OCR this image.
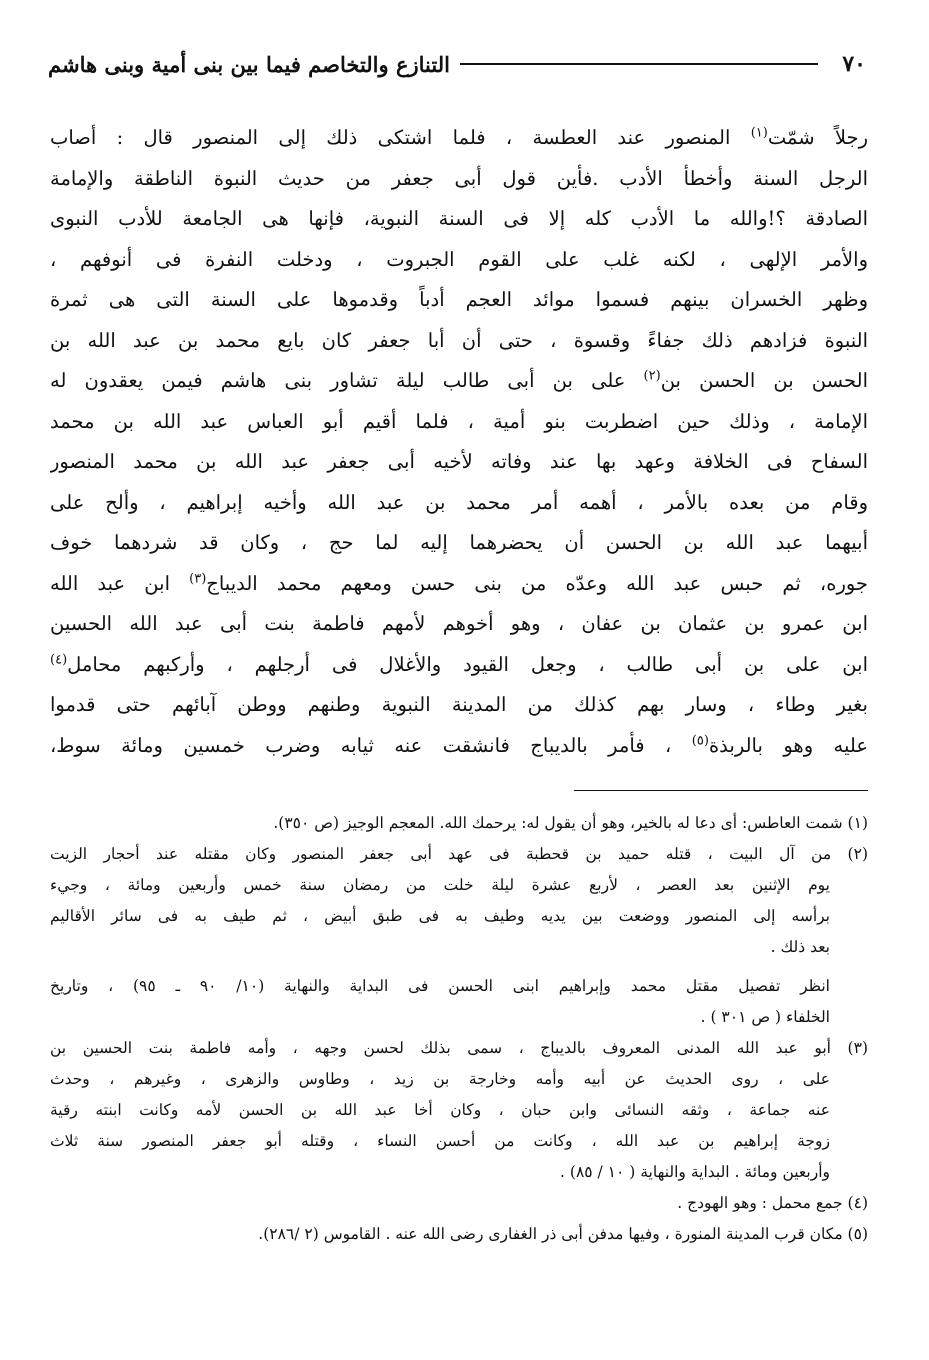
٧٠
التنازع والتخاصم فيما بين بنى أمية وبنى هاشم
رجلاً شمّت$^{(١)}$ المنصور عند العطسة ، فلما اشتكى ذلك إلى المنصور قال : أصاب
الرجل السنة وأخطأ الأدب .فأين قول أبى جعفر من حديث النبوة الناطقة والإمامة
الصادقة ؟!والله ما الأدب كله إلا فى السنة النبوية، فإنها هى الجامعة للأدب النبوى
والأمر الإلهى ، لكنه غلب على القوم الجبروت ، ودخلت النفرة فى أنوفهم ،
وظهر الخسران بينهم فسموا موائد العجم أدباً وقدموها على السنة التى هى ثمرة
النبوة فزادهم ذلك جفاءً وقسوة ، حتى أن أبا جعفر كان بايع محمد بن عبد الله بن
الحسن بن الحسن بن$^{(٢)}$ على بن أبى طالب ليلة تشاور بنى هاشم فيمن يعقدون له
الإمامة ، وذلك حين اضطربت بنو أمية ، فلما أقيم أبو العباس عبد الله بن محمد
السفاح فى الخلافة وعهد بها عند وفاته لأخيه أبى جعفر عبد الله بن محمد المنصور
وقام من بعده بالأمر ، أهمه أمر محمد بن عبد الله وأخيه إبراهيم ، وألح على
أبيهما عبد الله بن الحسن أن يحضرهما إليه لما حج ، وكان قد شردهما خوف
جوره، ثم حبس عبد الله وعدّه من بنى حسن ومعهم محمد الديباج$^{(٣)}$ ابن عبد الله
ابن عمرو بن عثمان بن عفان ، وهو أخوهم لأمهم فاطمة بنت أبى عبد الله الحسين
ابن على بن أبى طالب ، وجعل القيود والأغلال فى أرجلهم ، وأركبهم محامل$^{(٤)}$
بغير وطاء ، وسار بهم كذلك من المدينة النبوية وطنهم ووطن آبائهم حتى قدموا
عليه وهو بالربذة$^{(٥)}$ ، فأمر بالديباج فانشقت عنه ثيابه وضرب خمسين ومائة سوط،
(١) شمت العاطس: أى دعا له بالخير، وهو أن يقول له: يرحمك الله. المعجم الوجيز (ص ٣٥٠).
(٢) من آل البيت ، قتله حميد بن قحطبة فى عهد أبى جعفر المنصور وكان مقتله عند أحجار الزيت
يوم الإثنين بعد العصر ، لأربع عشرة ليلة خلت من رمضان سنة خمس وأربعين ومائة ، وجيء
برأسه إلى المنصور ووضعت بين يديه وطيف به فى طبق أبيض ، ثم طيف به فى سائر الأقاليم
بعد ذلك .
انظر تفصيل مقتل محمد وإبراهيم ابنى الحسن فى البداية والنهاية (١٠/ ٩٠ ـ ٩٥) ، وتاريخ
الخلفاء ( ص ٣٠١ ) .
(٣) أبو عبد الله المدنى المعروف بالديباج ، سمى بذلك لحسن وجهه ، وأمه فاطمة بنت الحسين بن
على ، روى الحديث عن أبيه وأمه وخارجة بن زيد ، وطاوس والزهرى ، وغيرهم ، وحدث
عنه جماعة ، وثقه النسائى وابن حبان ، وكان أخا عبد الله بن الحسن لأمه وكانت ابنته رقية
زوجة إبراهيم بن عبد الله ، وكانت من أحسن النساء ، وقتله أبو جعفر المنصور سنة ثلاث
وأربعين ومائة . البداية والنهاية ( ١٠ / ٨٥) .
(٤) جمع محمل : وهو الهودج .
(٥) مكان قرب المدينة المنورة ، وفيها مدفن أبى ذر الغفارى رضى الله عنه . القاموس (٢ /٢٨٦).
